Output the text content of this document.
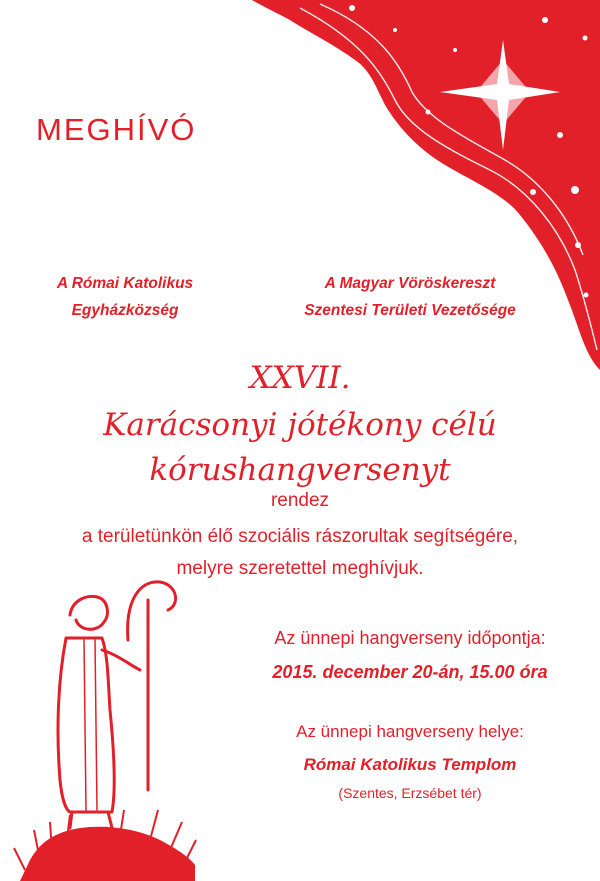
MEGHÍVÓ
A Római Katolikus
Egyházközség
A Magyar Vöröskereszt
Szentesi Területi Vezetősége
XXVII.
Karácsonyi jótékony célú
kórushangversenyt
rendez
a területünkön élő szociális rászorultak segítségére,
melyre szeretettel meghívjuk.
Az ünnepi hangverseny időpontja:
2015. december 20-án, 15.00 óra
Az ünnepi hangverseny helye:
Római Katolikus Templom
(Szentes, Erzsébet tér)
